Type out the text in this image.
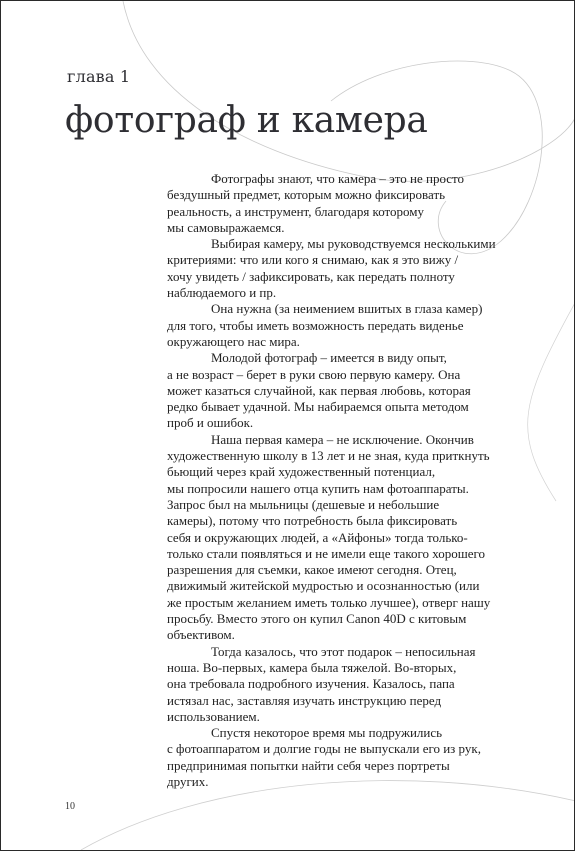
глава 1
фотограф и камера
Фотографы знают, что камера – это не просто
бездушный предмет, которым можно фиксировать
реальность, а инструмент, благодаря которому
мы самовыражаемся.
Выбирая камеру, мы руководствуемся несколькими
критериями: что или кого я снимаю, как я это вижу /
хочу увидеть / зафиксировать, как передать полноту
наблюдаемого и пр.
Она нужна (за неимением вшитых в глаза камер)
для того, чтобы иметь возможность передать виденье
окружающего нас мира.
Молодой фотограф – имеется в виду опыт,
а не возраст – берет в руки свою первую камеру. Она
может казаться случайной, как первая любовь, которая
редко бывает удачной. Мы набираемся опыта методом
проб и ошибок.
Наша первая камера – не исключение. Окончив
художественную школу в 13 лет и не зная, куда приткнуть
бьющий через край художественный потенциал,
мы попросили нашего отца купить нам фотоаппараты.
Запрос был на мыльницы (дешевые и небольшие
камеры), потому что потребность была фиксировать
себя и окружающих людей, а «Айфоны» тогда только-
только стали появляться и не имели еще такого хорошего
разрешения для съемки, какое имеют сегодня. Отец,
движимый житейской мудростью и осознанностью (или
же простым желанием иметь только лучшее), отверг нашу
просьбу. Вместо этого он купил Canon 40D с китовым
объективом.
Тогда казалось, что этот подарок – непосильная
ноша. Во-первых, камера была тяжелой. Во-вторых,
она требовала подробного изучения. Казалось, папа
истязал нас, заставляя изучать инструкцию перед
использованием.
Спустя некоторое время мы подружились
с фотоаппаратом и долгие годы не выпускали его из рук,
предпринимая попытки найти себя через портреты
других.
10
